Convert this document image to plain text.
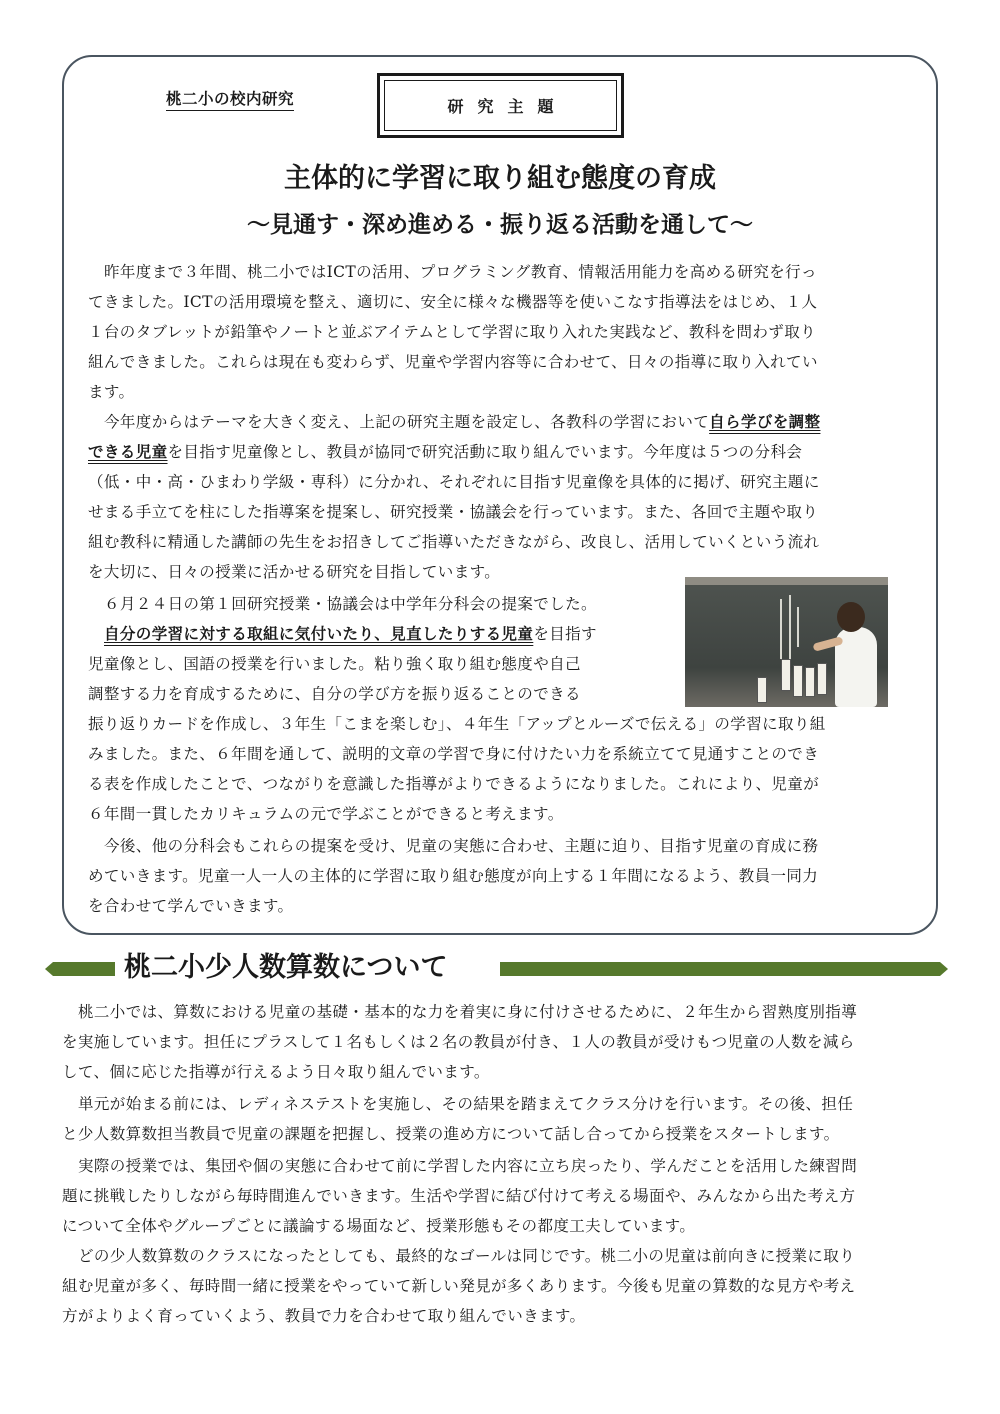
桃二小の校内研究	研究主題
主体的に学習に取り組む態度の育成
～見通す・深め進める・振り返る活動を通して～
昨年度まで３年間、桃二小ではICTの活用、プログラミング教育、情報活用能力を高める研究を行っ
てきました。ICTの活用環境を整え、適切に、安全に様々な機器等を使いこなす指導法をはじめ、１人
１台のタブレットが鉛筆やノートと並ぶアイテムとして学習に取り入れた実践など、教科を問わず取り
組んできました。これらは現在も変わらず、児童や学習内容等に合わせて、日々の指導に取り入れてい
ます。
今年度からはテーマを大きく変え、上記の研究主題を設定し、各教科の学習において自ら学びを調整
できる児童を目指す児童像とし、教員が協同で研究活動に取り組んでいます。今年度は５つの分科会
（低・中・高・ひまわり学級・専科）に分かれ、それぞれに目指す児童像を具体的に掲げ、研究主題に
せまる手立てを柱にした指導案を提案し、研究授業・協議会を行っています。また、各回で主題や取り
組む教科に精通した講師の先生をお招きしてご指導いただきながら、改良し、活用していくという流れ
を大切に、日々の授業に活かせる研究を目指しています。
６月２４日の第１回研究授業・協議会は中学年分科会の提案でした。
自分の学習に対する取組に気付いたり、見直したりする児童を目指す
児童像とし、国語の授業を行いました。粘り強く取り組む態度や自己
調整する力を育成するために、自分の学び方を振り返ることのできる
振り返りカードを作成し、３年生「こまを楽しむ」、４年生「アップとルーズで伝える」の学習に取り組
みました。また、６年間を通して、説明的文章の学習で身に付けたい力を系統立てて見通すことのでき
る表を作成したことで、つながりを意識した指導がよりできるようになりました。これにより、児童が
６年間一貫したカリキュラムの元で学ぶことができると考えます。
今後、他の分科会もこれらの提案を受け、児童の実態に合わせ、主題に迫り、目指す児童の育成に務
めていきます。児童一人一人の主体的に学習に取り組む態度が向上する１年間になるよう、教員一同力
を合わせて学んでいきます。
桃二小少人数算数について
桃二小では、算数における児童の基礎・基本的な力を着実に身に付けさせるために、２年生から習熟度別指導
を実施しています。担任にプラスして１名もしくは２名の教員が付き、１人の教員が受けもつ児童の人数を減ら
して、個に応じた指導が行えるよう日々取り組んでいます。
単元が始まる前には、レディネステストを実施し、その結果を踏まえてクラス分けを行います。その後、担任
と少人数算数担当教員で児童の課題を把握し、授業の進め方について話し合ってから授業をスタートします。
実際の授業では、集団や個の実態に合わせて前に学習した内容に立ち戻ったり、学んだことを活用した練習問
題に挑戦したりしながら毎時間進んでいきます。生活や学習に結び付けて考える場面や、みんなから出た考え方
について全体やグループごとに議論する場面など、授業形態もその都度工夫しています。
どの少人数算数のクラスになったとしても、最終的なゴールは同じです。桃二小の児童は前向きに授業に取り
組む児童が多く、毎時間一緒に授業をやっていて新しい発見が多くあります。今後も児童の算数的な見方や考え
方がよりよく育っていくよう、教員で力を合わせて取り組んでいきます。
